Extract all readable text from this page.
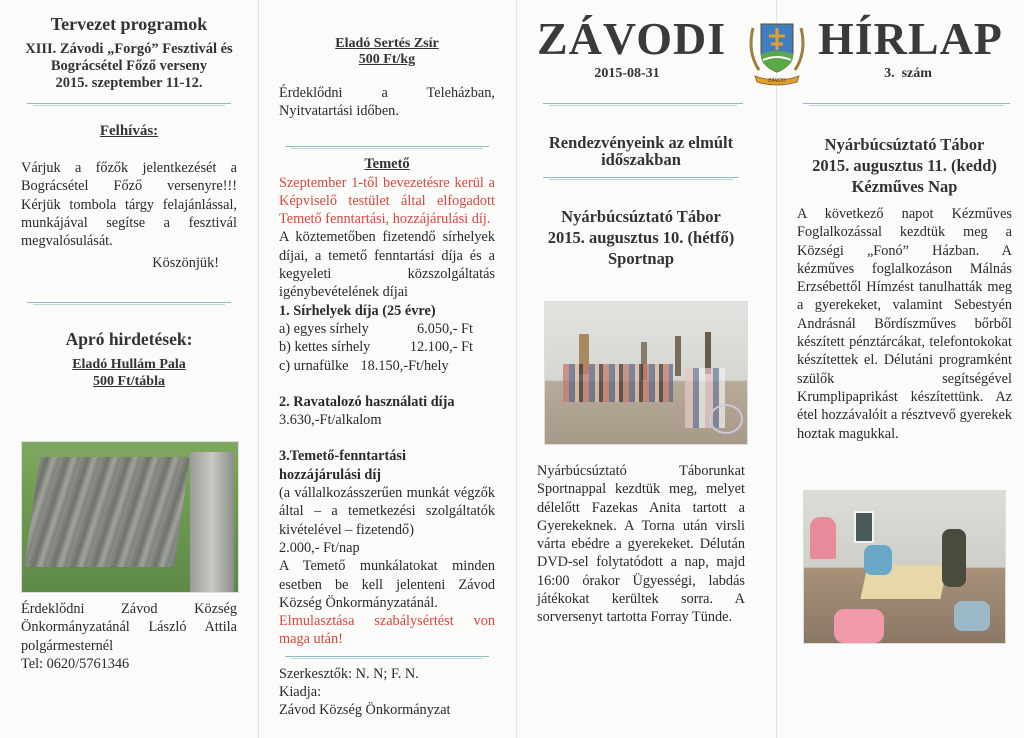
Tervezet programok

XIII. Závodi „Forgó” Fesztivál és

Bográcsétel Főző verseny

2015. szeptember 11-12.

Felhívás:

Várjuk a főzők jelentkezését a Bográcsétel Főző versenyre!!! Kérjük tombola tárgy felajánlással, munkájával segítse a fesztivál megvalósulását.

Köszönjük!

Apró hirdetések:

Eladó Hullám Pala

500 Ft/tábla

Érdeklődni Závod Község Önkormányzatánál László Attila polgármesternél

Tel: 0620/5761346

Eladó Sertés Zsír

500 Ft/kg

Érdeklődni a Teleházban, Nyitvatartási időben.

Temető

Szeptember 1-től bevezetésre kerül a Képviselő testület által elfogadott Temető fenntartási, hozzájárulási díj.

A köztemetőben fizetendő sírhelyek díjai, a temető fenntartási díja és a kegyeleti közszolgáltatás igénybevételének díjai

1. Sírhelyek díja (25 évre)

a) egyes sírhely	6.050,- Ft
b) kettes sírhely	12.100,- Ft
c) urnafülke 18.150,-Ft/hely

2. Ravatalozó használati díja

3.630,-Ft/alkalom

3.Temető-fenntartási hozzájárulási díj

(a vállalkozásszerűen munkát végzők által – a temetkezési szolgáltatók kivételével – fizetendő)

2.000,- Ft/nap

A Temető munkálatokat minden esetben be kell jelenteni Závod Község Önkormányzatánál.

Elmulasztása szabálysértést von maga után!

Szerkesztők: N. N; F. N.

Kiadja:

Závod Község Önkormányzat

ZÁVODI
2015-08-31	ZÁVOD
HÍRLAP
3.  szám

Rendezvényeink az elmúlt időszakban

Nyárbúcsúztató Tábor

2015. augusztus 10. (hétfő)

Sportnap

Nyárbúcsúztató Táborunkat Sportnappal kezdtük meg, melyet délelőtt Fazekas Anita tartott a Gyerekeknek. A Torna után virsli várta ebédre a gyerekeket. Délután DVD-sel folytatódott a nap, majd 16:00 órakor Ügyességi, labdás játékokat kerültek sorra. A sorversenyt tartotta Forray Tünde.

Nyárbúcsúztató Tábor

2015. augusztus 11. (kedd)

Kézműves Nap

A következő napot Kézműves Foglalkozással kezdtük meg a Községi „Fonó” Házban. A kézműves foglalkozáson Málnás Erzsébettől Hímzést tanulhatták meg a gyerekeket, valamint Sebestyén Andrásnál Bőrdíszműves bőrből készített pénztárcákat, telefontokokat készítettek el. Délutáni programként szülők segítségével Krumplipaprikást készítettünk. Az étel hozzávalóit a résztvevő gyerekek hoztak magukkal.
